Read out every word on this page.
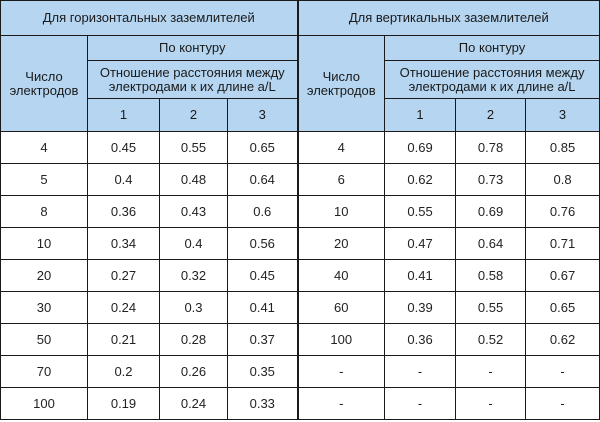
Для горизонтальных заземлителей				Для вертикальных заземлителей			
Число электродов	По контуру			Число электродов	По контуру		
	Отношение расстояния между электродами к их длине a/L				Отношение расстояния между электродами к их длине a/L		
	1	2	3		1	2	3
4	0.45	0.55	0.65	4	0.69	0.78	0.85
5	0.4	0.48	0.64	6	0.62	0.73	0.8
8	0.36	0.43	0.6	10	0.55	0.69	0.76
10	0.34	0.4	0.56	20	0.47	0.64	0.71
20	0.27	0.32	0.45	40	0.41	0.58	0.67
30	0.24	0.3	0.41	60	0.39	0.55	0.65
50	0.21	0.28	0.37	100	0.36	0.52	0.62
70	0.2	0.26	0.35	-	-	-	-
100	0.19	0.24	0.33	-	-	-	-
